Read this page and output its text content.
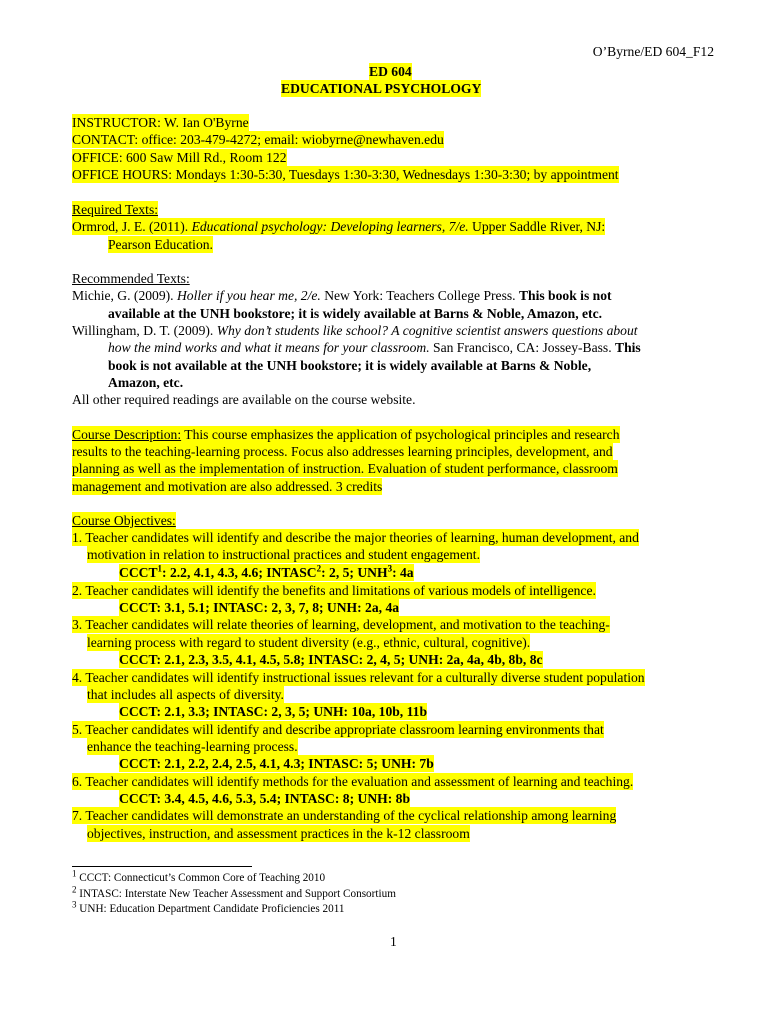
O’Byrne/ED 604_F12
ED 604
EDUCATIONAL PSYCHOLOGY
INSTRUCTOR: W. Ian O'Byrne
CONTACT: office: 203-479-4272; email: wiobyrne@newhaven.edu
OFFICE: 600 Saw Mill Rd., Room 122
OFFICE HOURS: Mondays 1:30-5:30, Tuesdays 1:30-3:30, Wednesdays 1:30-3:30; by appointment
Required Texts:
Ormrod, J. E. (2011). Educational psychology: Developing learners, 7/e. Upper Saddle River, NJ:
Pearson Education.
Recommended Texts:
Michie, G. (2009). Holler if you hear me, 2/e. New York: Teachers College Press. This book is not
available at the UNH bookstore; it is widely available at Barns & Noble, Amazon, etc.
Willingham, D. T. (2009). Why don’t students like school? A cognitive scientist answers questions about
how the mind works and what it means for your classroom. San Francisco, CA: Jossey-Bass. This
book is not available at the UNH bookstore; it is widely available at Barns & Noble,
Amazon, etc.
All other required readings are available on the course website.
Course Description: This course emphasizes the application of psychological principles and research
results to the teaching-learning process. Focus also addresses learning principles, development, and
planning as well as the implementation of instruction. Evaluation of student performance, classroom
management and motivation are also addressed. 3 credits
Course Objectives:
1. Teacher candidates will identify and describe the major theories of learning, human development, and
motivation in relation to instructional practices and student engagement.
CCCT$^1$: 2.2, 4.1, 4.3, 4.6; INTASC$^2$: 2, 5; UNH$^3$: 4a
2. Teacher candidates will identify the benefits and limitations of various models of intelligence.
CCCT: 3.1, 5.1; INTASC: 2, 3, 7, 8; UNH: 2a, 4a
3. Teacher candidates will relate theories of learning, development, and motivation to the teaching-
learning process with regard to student diversity (e.g., ethnic, cultural, cognitive).
CCCT: 2.1, 2.3, 3.5, 4.1, 4.5, 5.8; INTASC: 2, 4, 5; UNH: 2a, 4a, 4b, 8b, 8c
4. Teacher candidates will identify instructional issues relevant for a culturally diverse student population
that includes all aspects of diversity.
CCCT: 2.1, 3.3; INTASC: 2, 3, 5; UNH: 10a, 10b, 11b
5. Teacher candidates will identify and describe appropriate classroom learning environments that
enhance the teaching-learning process.
CCCT: 2.1, 2.2, 2.4, 2.5, 4.1, 4.3; INTASC: 5; UNH: 7b
6. Teacher candidates will identify methods for the evaluation and assessment of learning and teaching.
CCCT: 3.4, 4.5, 4.6, 5.3, 5.4; INTASC: 8; UNH: 8b
7. Teacher candidates will demonstrate an understanding of the cyclical relationship among learning
objectives, instruction, and assessment practices in the k-12 classroom
$^1$ CCCT: Connecticut’s Common Core of Teaching 2010
$^2$ INTASC: Interstate New Teacher Assessment and Support Consortium
$^3$ UNH: Education Department Candidate Proficiencies 2011
1
